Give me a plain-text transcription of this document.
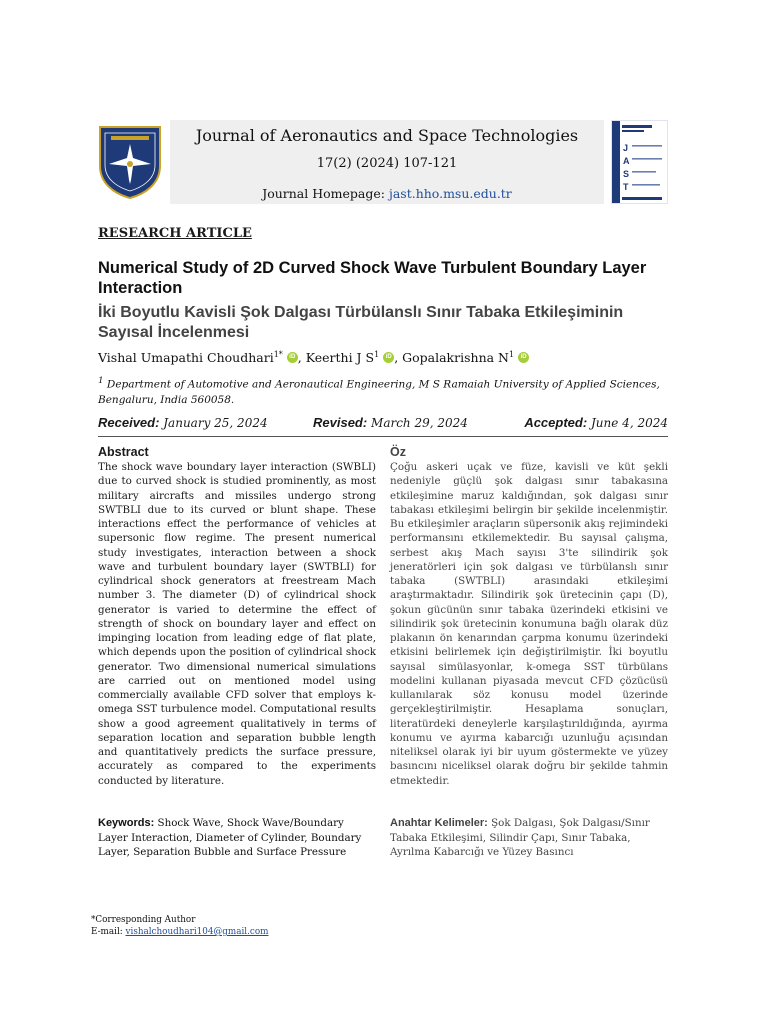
Journal of Aeronautics and Space Technologies
17(2) (2024) 107-121
Journal Homepage: jast.hho.msu.edu.tr
J
A
S
T
RESEARCH ARTICLE
Numerical Study of 2D Curved Shock Wave Turbulent Boundary Layer Interaction
İki Boyutlu Kavisli Şok Dalgası Türbülanslı Sınır Tabaka Etkileşiminin Sayısal İncelenmesi
Vishal Umapathi Choudhari$^{1*}$ iD , Keerthi J $S^1$ iD , Gopalakrishna $N^1$ iD
$^1$ Department of Automotive and Aeronautical Engineering, M S Ramaiah University of Applied Sciences, Bengaluru, India 560058.
Received: January 25, 2024	Revised: March 29, 2024	Accepted: June 4, 2024
Abstract

The shock wave boundary layer interaction (SWBLI) due to curved shock is studied prominently, as most military aircrafts and missiles undergo strong SWTBLI due to its curved or blunt shape. These interactions effect the performance of vehicles at supersonic flow regime. The present numerical study investigates, interaction between a shock wave and turbulent boundary layer (SWTBLI) for cylindrical shock generators at freestream Mach number 3. The diameter (D) of cylindrical shock generator is varied to determine the effect of strength of shock on boundary layer and effect on impinging location from leading edge of flat plate, which depends upon the position of cylindrical shock generator. Two dimensional numerical simulations are carried out on mentioned model using commercially available CFD solver that employs k-omega SST turbulence model. Computational results show a good agreement qualitatively in terms of separation location and separation bubble length and quantitatively predicts the surface pressure, accurately as compared to the experiments conducted by literature.

Öz

Çoğu askeri uçak ve füze, kavisli ve küt şekli nedeniyle güçlü şok dalgası sınır tabakasına etkileşimine maruz kaldığından, şok dalgası sınır tabakası etkileşimi belirgin bir şekilde incelenmiştir. Bu etkileşimler araçların süpersonik akış rejimindeki performansını etkilemektedir. Bu sayısal çalışma, serbest akış Mach sayısı 3'te silindirik şok jeneratörleri için şok dalgası ve türbülanslı sınır tabaka (SWTBLI) arasındaki etkileşimi araştırmaktadır. Silindirik şok üretecinin çapı (D), şokun gücünün sınır tabaka üzerindeki etkisini ve silindirik şok üretecinin konumuna bağlı olarak düz plakanın ön kenarından çarpma konumu üzerindeki etkisini belirlemek için değiştirilmiştir. İki boyutlu sayısal simülasyonlar, k-omega SST türbülans modelini kullanan piyasada mevcut CFD çözücüsü kullanılarak söz konusu model üzerinde gerçekleştirilmiştir. Hesaplama sonuçları, literatürdeki deneylerle karşılaştırıldığında, ayırma konumu ve ayırma kabarcığı uzunluğu açısından niteliksel olarak iyi bir uyum göstermekte ve yüzey basıncını niceliksel olarak doğru bir şekilde tahmin etmektedir.

Keywords: Shock Wave, Shock Wave/Boundary Layer Interaction, Diameter of Cylinder, Boundary Layer, Separation Bubble and Surface Pressure
Anahtar Kelimeler: Şok Dalgası, Şok Dalgası/Sınır Tabaka Etkileşimi, Silindir Çapı, Sınır Tabaka, Ayrılma Kabarcığı ve Yüzey Basıncı
*Corresponding Author
E-mail: vishalchoudhari104@gmail.com
